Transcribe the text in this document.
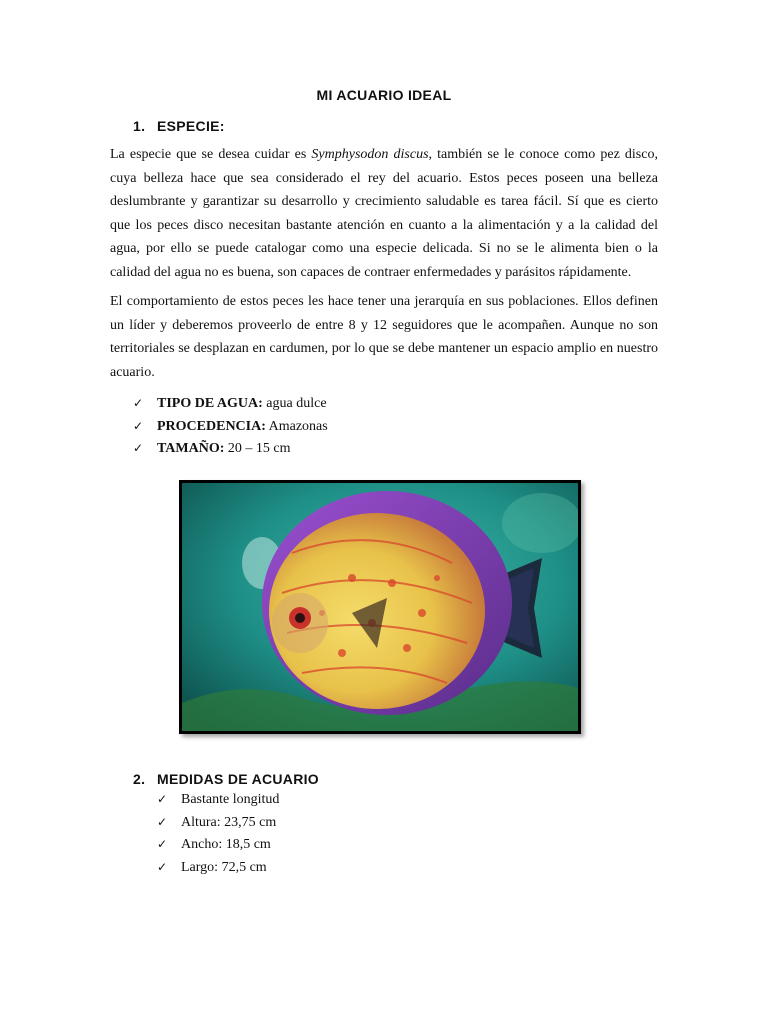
MI ACUARIO IDEAL
1. ESPECIE:

La especie que se desea cuidar es Symphysodon discus, también se le conoce como pez disco, cuya belleza hace que sea considerado el rey del acuario. Estos peces poseen una belleza deslumbrante y garantizar su desarrollo y crecimiento saludable es tarea fácil. Sí que es cierto que los peces disco necesitan bastante atención en cuanto a la alimentación y a la calidad del agua, por ello se puede catalogar como una especie delicada. Si no se le alimenta bien o la calidad del agua no es buena, son capaces de contraer enfermedades y parásitos rápidamente.

El comportamiento de estos peces les hace tener una jerarquía en sus poblaciones. Ellos definen un líder y deberemos proveerlo de entre 8 y 12 seguidores que le acompañen. Aunque no son territoriales se desplazan en cardumen, por lo que se debe mantener un espacio amplio en nuestro acuario.

✓ TIPO DE AGUA: agua dulce
✓ PROCEDENCIA: Amazonas
✓ TAMAÑO: 20 – 15 cm
2. MEDIDAS DE ACUARIO
✓ Bastante longitud
✓ Altura: 23,75 cm
✓ Ancho: 18,5 cm
✓ Largo: 72,5 cm
